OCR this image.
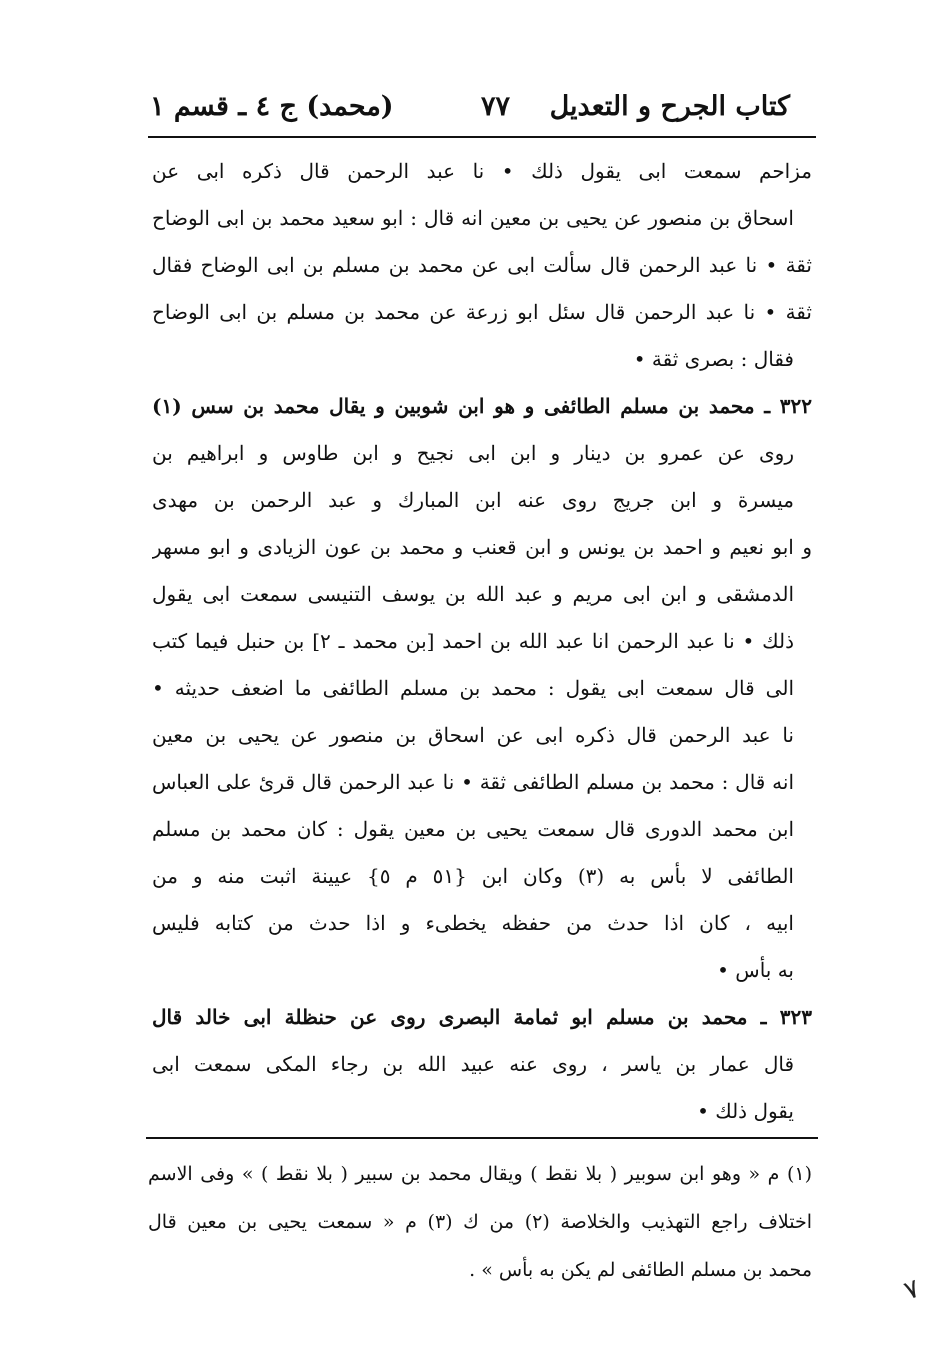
كتاب الجرح و التعديل
٧٧
(محمد) ج ٤ ـ قسم ١
مزاحم سمعت ابى يقول ذلك • نا عبد الرحمن قال ذكره ابى عن
اسحاق بن منصور عن يحيى بن معين انه قال : ابو سعيد محمد بن ابى الوضاح
ثقة • نا عبد الرحمن قال سألت ابى عن محمد بن مسلم بن ابى الوضاح فقال
ثقة • نا عبد الرحمن قال سئل ابو زرعة عن محمد بن مسلم بن ابى الوضاح
فقال : بصرى ثقة •
٣٢٢ ـ محمد بن مسلم الطائفى و هو ابن شوبين و يقال محمد بن سس (١)
روى عن عمرو بن دينار و ابن ابى نجيح و ابن طاوس و ابراهيم بن
ميسرة و ابن جريج روى عنه ابن المبارك و عبد الرحمن بن مهدى
و ابو نعيم و احمد بن يونس و ابن قعنب و محمد بن عون الزيادى و ابو مسهر
الدمشقى و ابن ابى مريم و عبد الله بن يوسف التنيسى سمعت ابى يقول
ذلك • نا عبد الرحمن انا عبد الله بن احمد [بن محمد ـ ٢] بن حنبل فيما كتب
الى قال سمعت ابى يقول : محمد بن مسلم الطائفى ما اضعف حديثه •
نا عبد الرحمن قال ذكره ابى عن اسحاق بن منصور عن يحيى بن معين
انه قال : محمد بن مسلم الطائفى ثقة • نا عبد الرحمن قال قرئ على العباس
ابن محمد الدورى قال سمعت يحيى بن معين يقول : كان محمد بن مسلم
الطائفى لا بأس به (٣) وكان ابن {٥١ م ٥} عيينة اثبت منه و من
ابيه ، كان اذا حدث من حفظه يخطىء و اذا حدث من كتابه فليس
به بأس •
٣٢٣ ـ محمد بن مسلم ابو ثمامة البصرى روى عن حنظلة ابى خالد قال
قال عمار بن ياسر ، روى عنه عبيد الله بن رجاء المكى سمعت ابى
يقول ذلك •
(١) م « وهو ابن سوبير ( بلا نقط ) ويقال محمد بن سبير ( بلا نقط ) » وفى الاسم
اختلاف راجع التهذيب والخلاصة (٢) من ك (٣) م « سمعت يحيى بن معين قال
محمد بن مسلم الطائفى لم يكن به بأس » .
٧
